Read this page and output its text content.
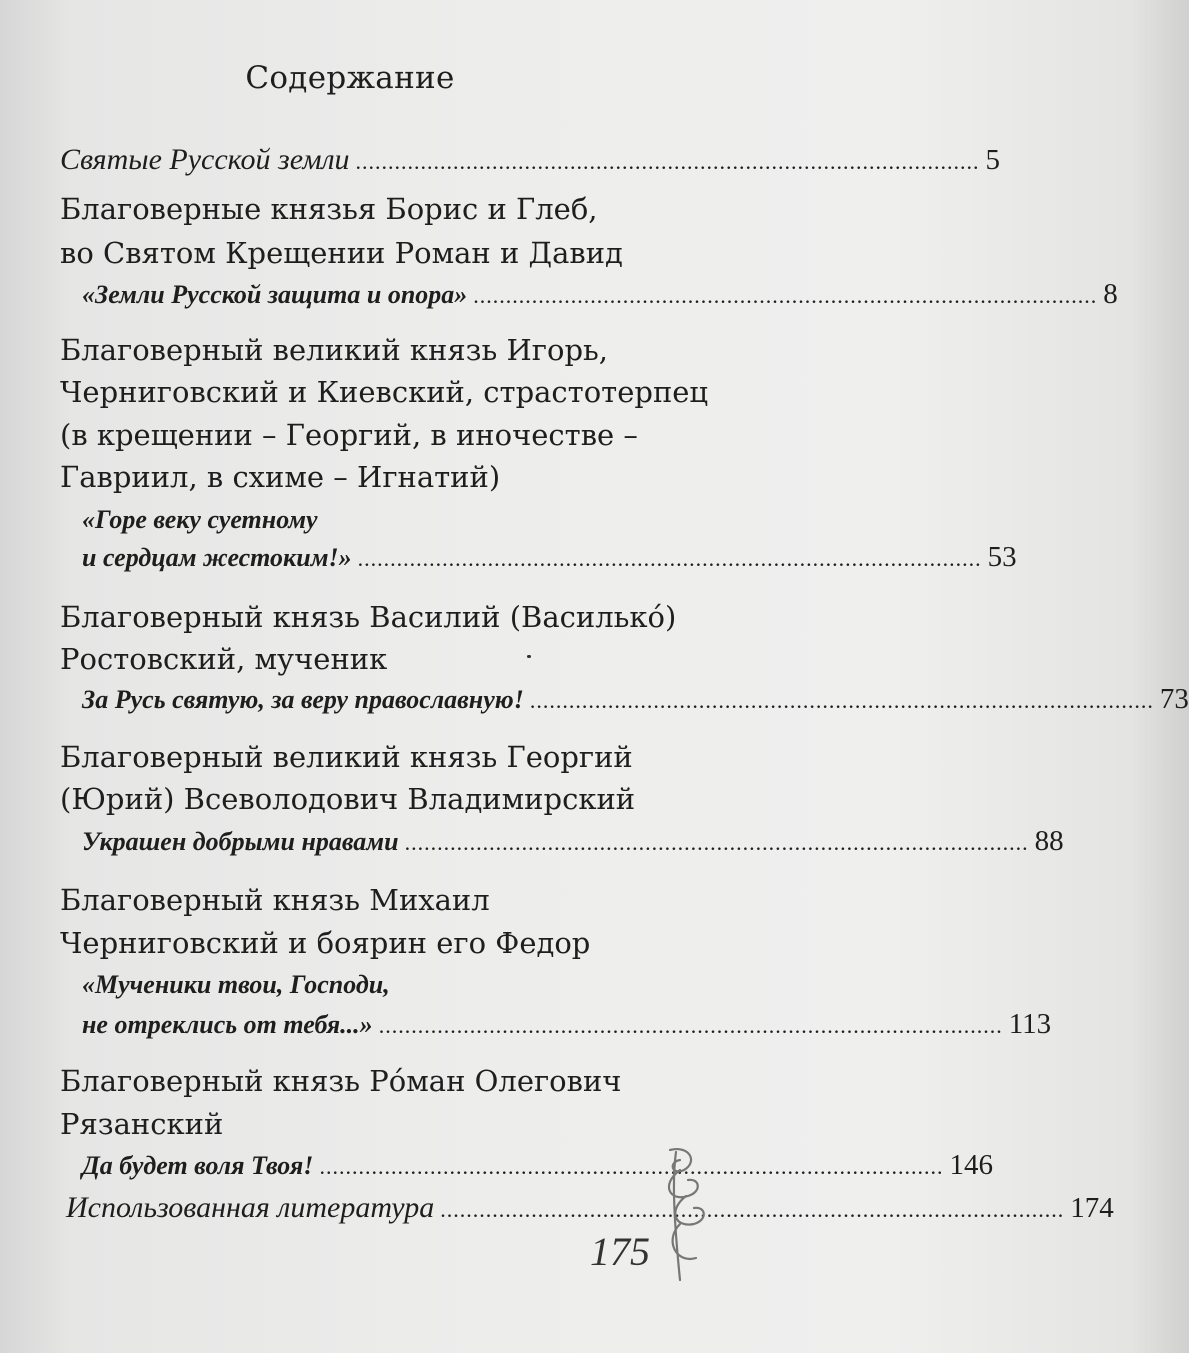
Содержание
Святые Русской земли ................................................................................................ 5
Благоверные князья Борис и Глеб,
во Святом Крещении Роман и Давид
«Земли Русской защита и опора» ................................................................................................ 8
Благоверный великий князь Игорь,
Черниговский и Киевский, страстотерпец
(в крещении – Георгий, в иночестве –
Гавриил, в схиме – Игнатий)
«Горе веку суетному
и сердцам жестоким!» ................................................................................................ 53
Благоверный князь Василий (Василько́)
Ростовский, мученик
За Русь святую, за веру православную! ................................................................................................ 73
Благоверный великий князь Георгий
(Юрий) Всеволодович Владимирский
Украшен добрыми нравами ................................................................................................ 88
Благоверный князь Михаил
Черниговский и боярин его Федор
«Мученики твои, Господи,
не отреклись от тебя...» ................................................................................................ 113
Благоверный князь Ро́ман Олегович
Рязанский
Да будет воля Твоя! ................................................................................................ 146
Использованная литература ................................................................................................ 174
175
